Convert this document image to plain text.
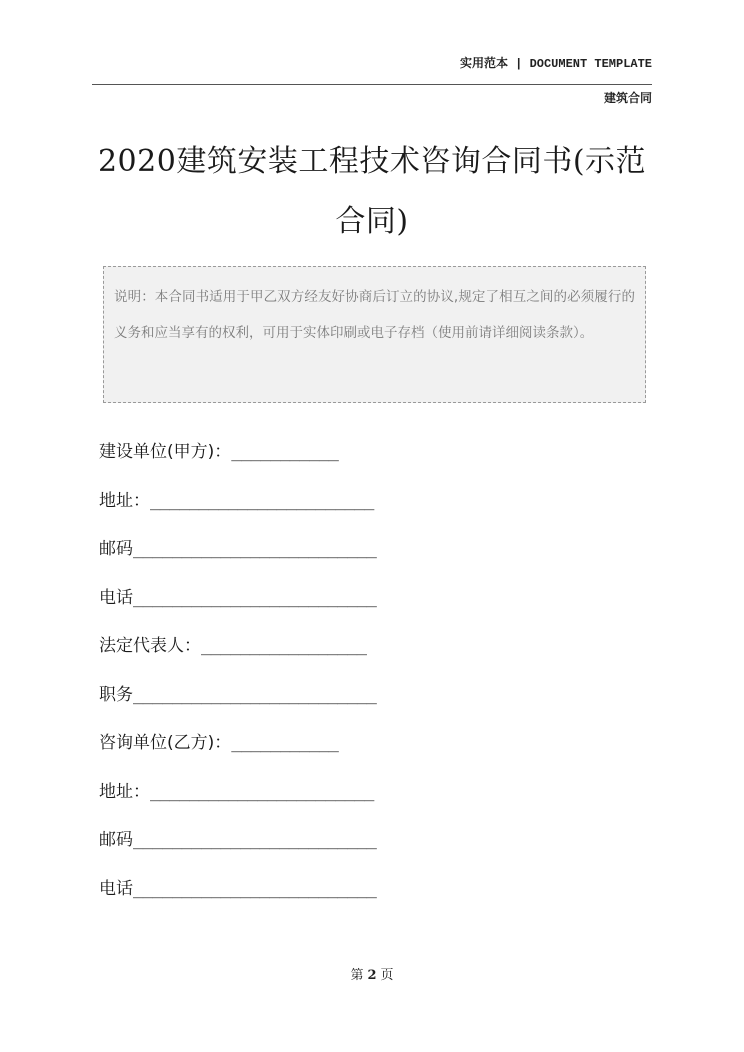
实用范本 | DOCUMENT TEMPLATE
建筑合同
2020建筑安装工程技术咨询合同书(示范合同)
说明：本合同书适用于甲乙双方经友好协商后订立的协议,规定了相互之间的必须履行的义务和应当享有的权利，可用于实体印刷或电子存档（使用前请详细阅读条款）。
建设单位(甲方)：___________
地址：_______________________
邮码_________________________
电话_________________________
法定代表人：_________________
职务_________________________
咨询单位(乙方)：___________
地址：_______________________
邮码_________________________
电话_________________________
第 2 页
